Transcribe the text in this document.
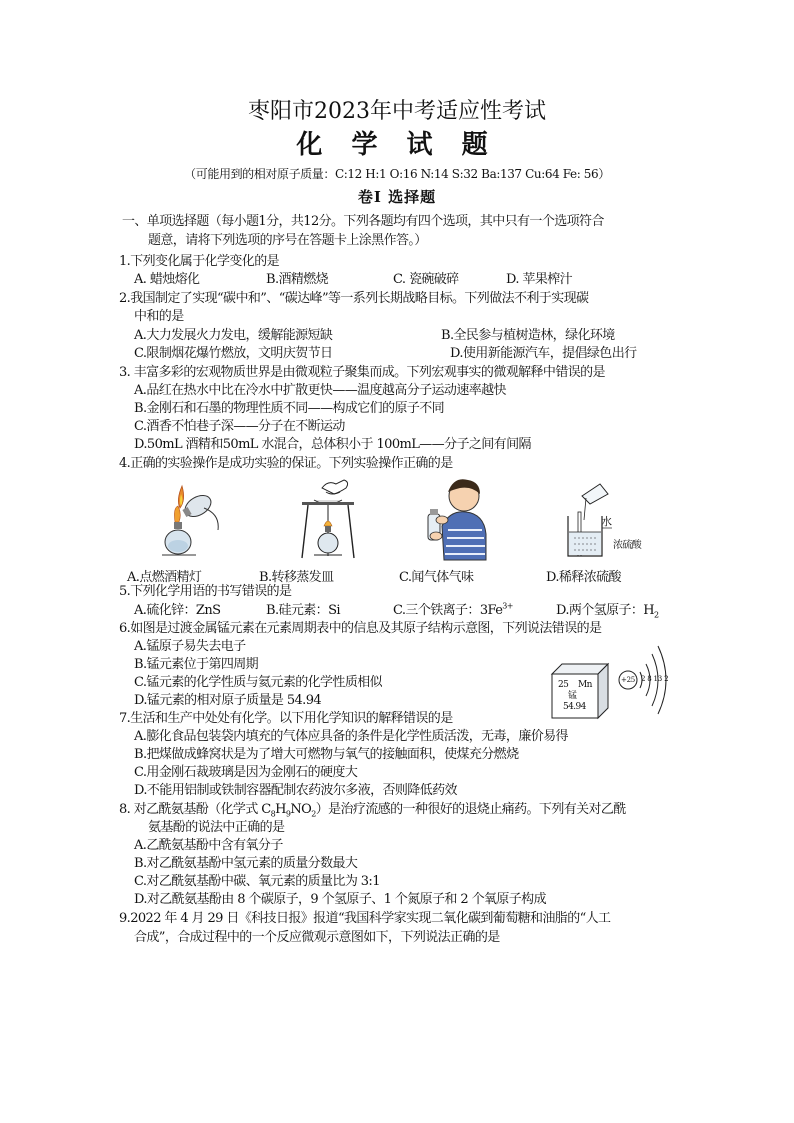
枣阳市2023年中考适应性考试
化 学 试 题
（可能用到的相对原子质量：C:12 H:1 O:16 N:14 S:32 Ba:137 Cu:64 Fe: 56）
卷Ⅰ 选择题
一、单项选择题（每小题1分，共12分。下列各题均有四个选项，其中只有一个选项符合
题意，请将下列选项的序号在答题卡上涂黑作答。）
1.下列变化属于化学变化的是
A. 蜡烛熔化	B.酒精燃烧	C. 瓷碗破碎	D. 苹果榨汁
2.我国制定了实现“碳中和”、“碳达峰”等一系列长期战略目标。下列做法不利于实现碳
中和的是
A.大力发展火力发电，缓解能源短缺	B.全民参与植树造林，绿化环境
C.限制烟花爆竹燃放，文明庆贺节日	D.使用新能源汽车，提倡绿色出行
3. 丰富多彩的宏观物质世界是由微观粒子聚集而成。下列宏观事实的微观解释中错误的是
A.品红在热水中比在冷水中扩散更快——温度越高分子运动速率越快
B.金刚石和石墨的物理性质不同——构成它们的原子不同
C.酒香不怕巷子深——分子在不断运动
D.50mL 酒精和50mL 水混合，总体积小于 100mL——分子之间有间隔
4.正确的实验操作是成功实验的保证。下列实验操作正确的是
水
浓硫酸
A.点燃酒精灯	B.转移蒸发皿	C.闻气体气味	D.稀释浓硫酸
5.下列化学用语的书写错误的是
A.硫化锌：ZnS	B.硅元素：Si	C.三个铁离子：$3Fe^{3+}$	D.两个氢原子：$H_2$
6.如图是过渡金属锰元素在元素周期表中的信息及其原子结构示意图，下列说法错误的是
A.锰原子易失去电子
B.锰元素位于第四周期
C.锰元素的化学性质与氦元素的化学性质相似
D.锰元素的相对原子质量是 54.94
25 Mn
锰
54.94
+25 2 8 13 2
7.生活和生产中处处有化学。以下用化学知识的解释错误的是
A.膨化食品包装袋内填充的气体应具备的条件是化学性质活泼，无毒，廉价易得
B.把煤做成蜂窝状是为了增大可燃物与氧气的接触面积，使煤充分燃烧
C.用金刚石裁玻璃是因为金刚石的硬度大
D.不能用铝制或铁制容器配制农药波尔多液，否则降低药效
8. 对乙酰氨基酚（化学式 $C_8H_9NO_2$）是治疗流感的一种很好的退烧止痛药。下列有关对乙酰
氨基酚的说法中正确的是
A.乙酰氨基酚中含有氧分子
B.对乙酰氨基酚中氢元素的质量分数最大
C.对乙酰氨基酚中碳、氧元素的质量比为 3:1
D.对乙酰氨基酚由 8 个碳原子，9 个氢原子、1 个氮原子和 2 个氧原子构成
9.2022 年 4 月 29 日《科技日报》报道“我国科学家实现二氧化碳到葡萄糖和油脂的“人工
合成”，合成过程中的一个反应微观示意图如下，下列说法正确的是
